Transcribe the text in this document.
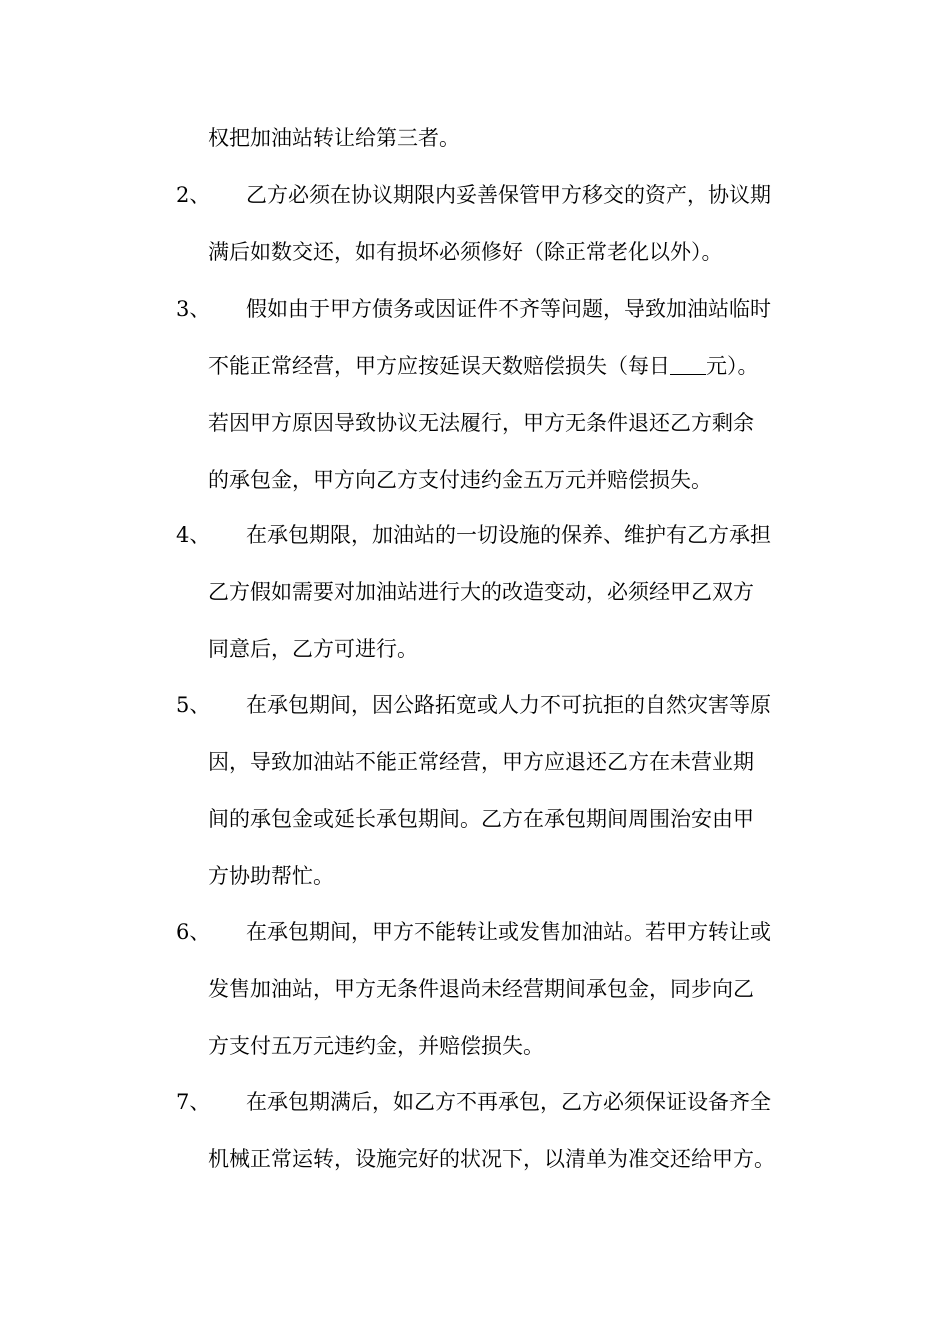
权把加油站转让给第三者。
2、 乙方必须在协议期限内妥善保管甲方移交的资产，协议期
满后如数交还，如有损坏必须修好（除正常老化以外）。
3、 假如由于甲方债务或因证件不齐等问题，导致加油站临时
不能正常经营，甲方应按延误天数赔偿损失（每日 元）。
若因甲方原因导致协议无法履行，甲方无条件退还乙方剩余
的承包金，甲方向乙方支付违约金五万元并赔偿损失。
4、 在承包期限，加油站的一切设施的保养、维护有乙方承担
乙方假如需要对加油站进行大的改造变动，必须经甲乙双方
同意后，乙方可进行。
5、 在承包期间，因公路拓宽或人力不可抗拒的自然灾害等原
因，导致加油站不能正常经营，甲方应退还乙方在未营业期
间的承包金或延长承包期间。乙方在承包期间周围治安由甲
方协助帮忙。
6、 在承包期间，甲方不能转让或发售加油站。若甲方转让或
发售加油站，甲方无条件退尚未经营期间承包金，同步向乙
方支付五万元违约金，并赔偿损失。
7、 在承包期满后，如乙方不再承包，乙方必须保证设备齐全
机械正常运转，设施完好的状况下，以清单为准交还给甲方。
